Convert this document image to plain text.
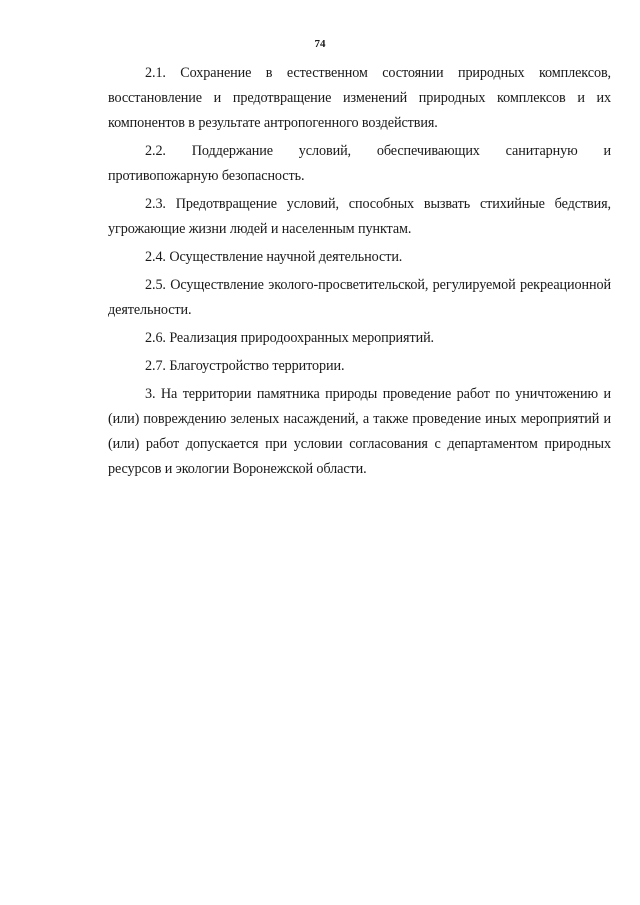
74

2.1. Сохранение в естественном состоянии природных комплексов, восстановление и предотвращение изменений природных комплексов и их компонентов в результате антропогенного воздействия.

2.2. Поддержание условий, обеспечивающих санитарную и противопожарную безопасность.

2.3. Предотвращение условий, способных вызвать стихийные бедствия, угрожающие жизни людей и населенным пунктам.

2.4. Осуществление научной деятельности.

2.5. Осуществление эколого-просветительской, регулируемой рекреационной деятельности.

2.6. Реализация природоохранных мероприятий.

2.7. Благоустройство территории.

3. На территории памятника природы проведение работ по уничтожению и (или) повреждению зеленых насаждений, а также проведение иных мероприятий и (или) работ допускается при условии согласования с департаментом природных ресурсов и экологии Воронежской области.
